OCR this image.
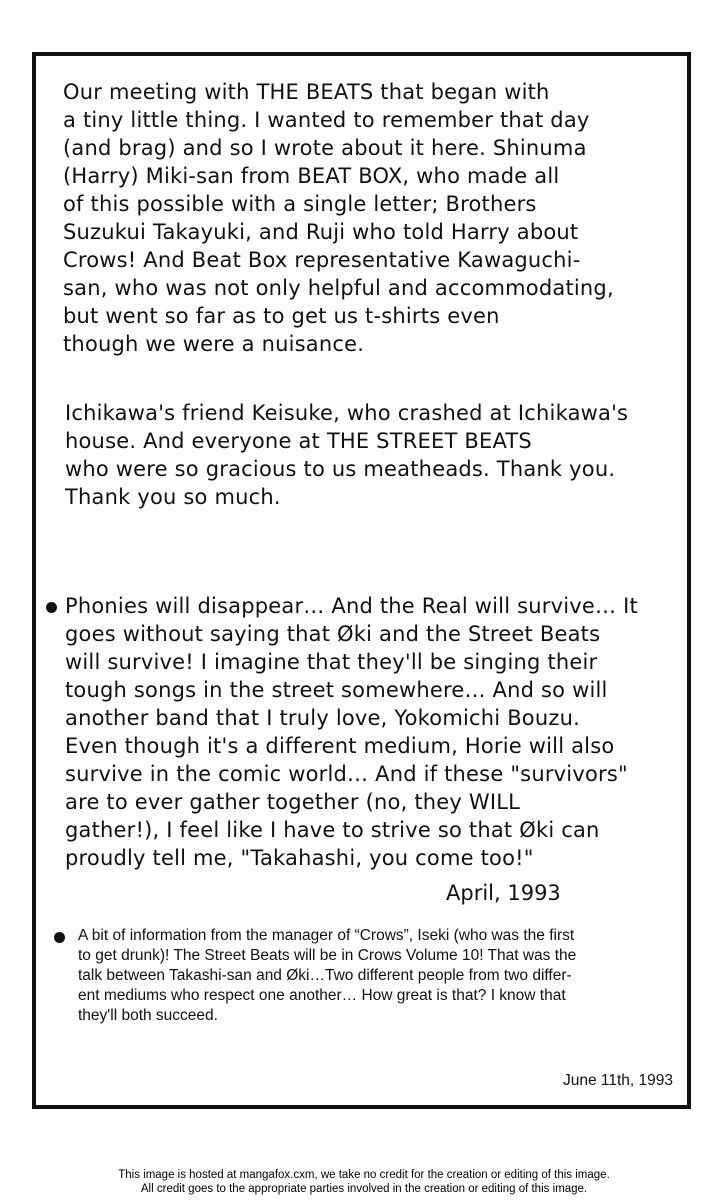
Our meeting with THE BEATS that began with
a tiny little thing. I wanted to remember that day
(and brag) and so I wrote about it here. Shinuma
(Harry) Miki-san from BEAT BOX, who made all
of this possible with a single letter; Brothers
Suzukui Takayuki, and Ruji who told Harry about
Crows! And Beat Box representative Kawaguchi-
san, who was not only helpful and accommodating,
but went so far as to get us t-shirts even
though we were a nuisance.

Ichikawa's friend Keisuke, who crashed at Ichikawa's
house. And everyone at THE STREET BEATS
who were so gracious to us meatheads. Thank you.
Thank you so much.

Phonies will disappear… And the Real will survive… It
goes without saying that Øki and the Street Beats
will survive! I imagine that they'll be singing their
tough songs in the street somewhere… And so will
another band that I truly love, Yokomichi Bouzu.
Even though it's a different medium, Horie will also
survive in the comic world… And if these "survivors"
are to ever gather together (no, they WILL
gather!), I feel like I have to strive so that Øki can
proudly tell me, "Takahashi, you come too!"

April, 1993

A bit of information from the manager of “Crows”, Iseki (who was the first
to get drunk)! The Street Beats will be in Crows Volume 10! That was the
talk between Takashi-san and Øki…Two different people from two differ-
ent mediums who respect one another… How great is that? I know that
they'll both succeed.

June 11th, 1993
This image is hosted at mangafox.cxm, we take no credit for the creation or editing of this image.
All credit goes to the appropriate parties involved in the creation or editing of this image.
